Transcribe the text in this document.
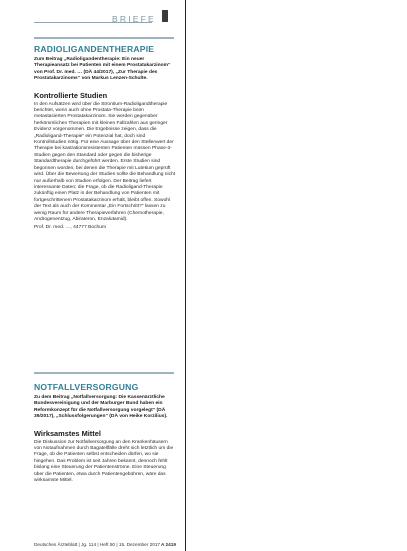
BRIEFE
RADIOLIGANDENTHERAPIE

Zum Beitrag „Radioligandentherapie: Ein neuer Therapieansatz bei Patienten mit einem Prostatakarzinom“ von Prof. Dr. med. … (DÄ 44/2017), „Zur Therapie des Prostatakarzinoms“ von Markus Lenzen-Schulte.

Kontrollierte Studien

In den Aufsätzen wird über die Strontium-Radioligandtherapie berichtet, wenn auch ohne Prostata-Therapie beim metastasierten Prostatakarzinom. Sie werden gegenüber herkömmlichen Therapien mit kleinen Fallzahlen aus geringer Evidenz vorgenommen. Die Ergebnisse zeigen, dass die „Radioligand-Therapie“ ein Potenzial hat, doch sind Kontrollstudien nötig. Für eine Aussage über den Stellenwert der Therapie bei kastrationsresistenten Patienten müssen Phase-3-Studien gegen den Standard oder gegen die bisherige Standardtherapie durchgeführt werden. Erste Studien sind begonnen worden, bei denen die Therapie mit Lutetium geprüft wird. Über die Bewertung der Studien sollte die Behandlung nicht nur außerhalb von Studien erfolgen. Der Beitrag liefert interessante Daten; die Frage, ob die Radioligand-Therapie zukünftig einen Platz in der Behandlung von Patienten mit fortgeschrittenem Prostatakarzinom erhält, bleibt offen. Sowohl der Text als auch der Kommentar „Ein Fortschritt?“ lassen zu wenig Raum für andere Therapieverfahren (Chemotherapie, Androgenentzug, Abirateron, Enzalutamid).

Prof. Dr. med. …, 44777 Bochum

NOTFALLVERSORGUNG

Zu dem Beitrag „Notfallversorgung: Die Kassenärztliche Bundesvereinigung und der Marburger Bund haben ein Reformkonzept für die Notfallversorgung vorgelegt“ (DÄ 39/2017), „Schlussfolgerungen“ (DÄ von Heike Korzilius).

Wirksamstes Mittel

Die Diskussion zur Notfallversorgung an den Krankenhäusern von Notaufnahmen durch Bagatellfälle dreht sich letztlich um die Frage, ob die Patienten selbst entscheiden dürfen, wo sie hingehen. Das Problem ist seit Jahren bekannt, dennoch fehlt bislang eine Steuerung der Patientenströme. Eine Steuerung über die Patienten, etwa durch Patientengebühren, wäre das wirksamste Mittel.

Deutsches Ärzteblatt | Jg. 114 | Heft 50 | 15. Dezember 2017 A 2419
